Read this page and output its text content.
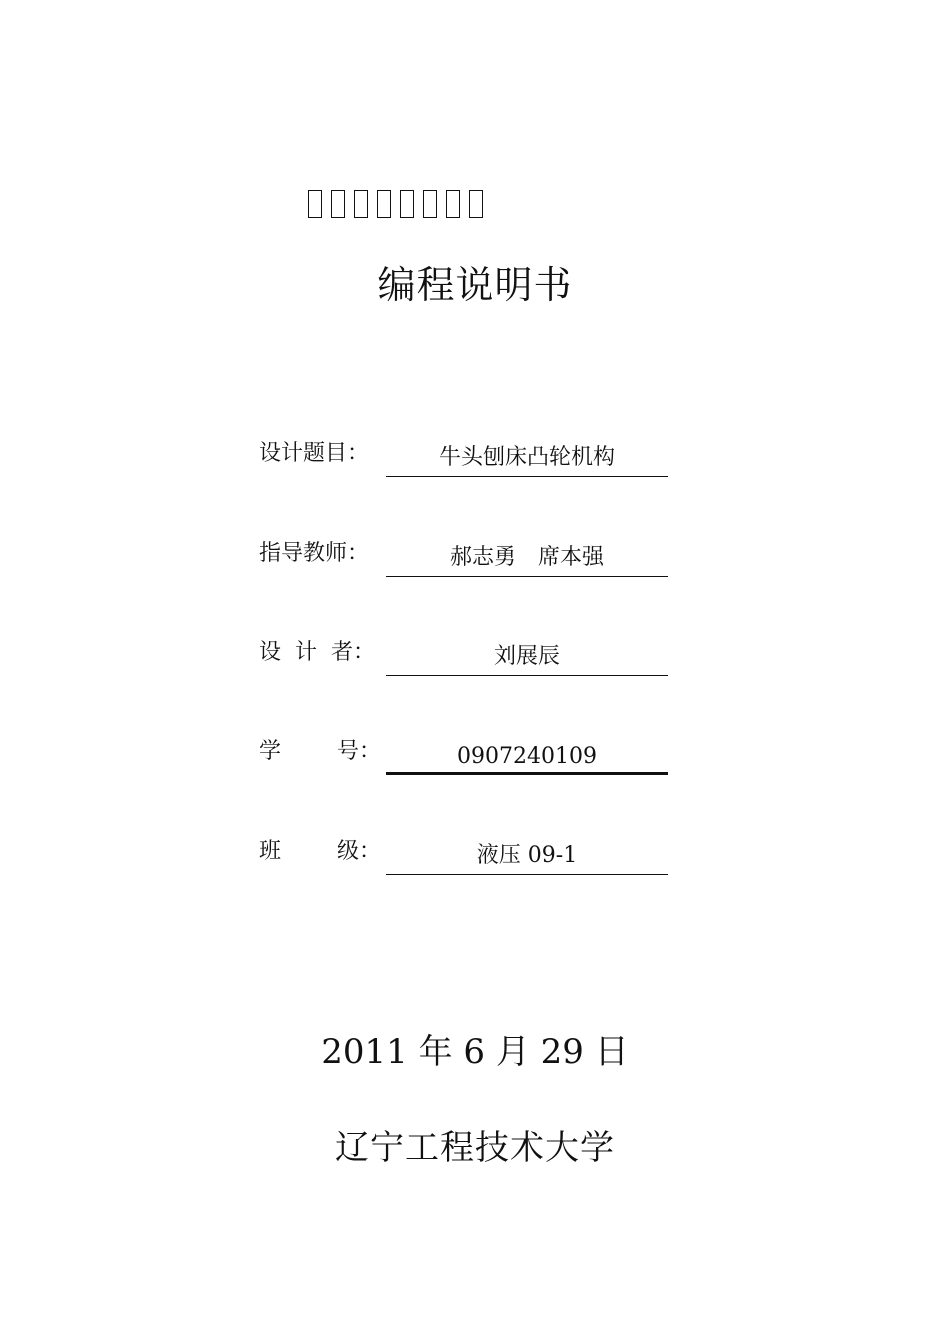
编程说明书
设计题目：	牛头刨床凸轮机构
指导教师：	郝志勇　席本强
设  计  者：	刘展辰
学        号：	0907240109
班        级：	液压 09-1
2011 年 6 月 29 日
辽宁工程技术大学
